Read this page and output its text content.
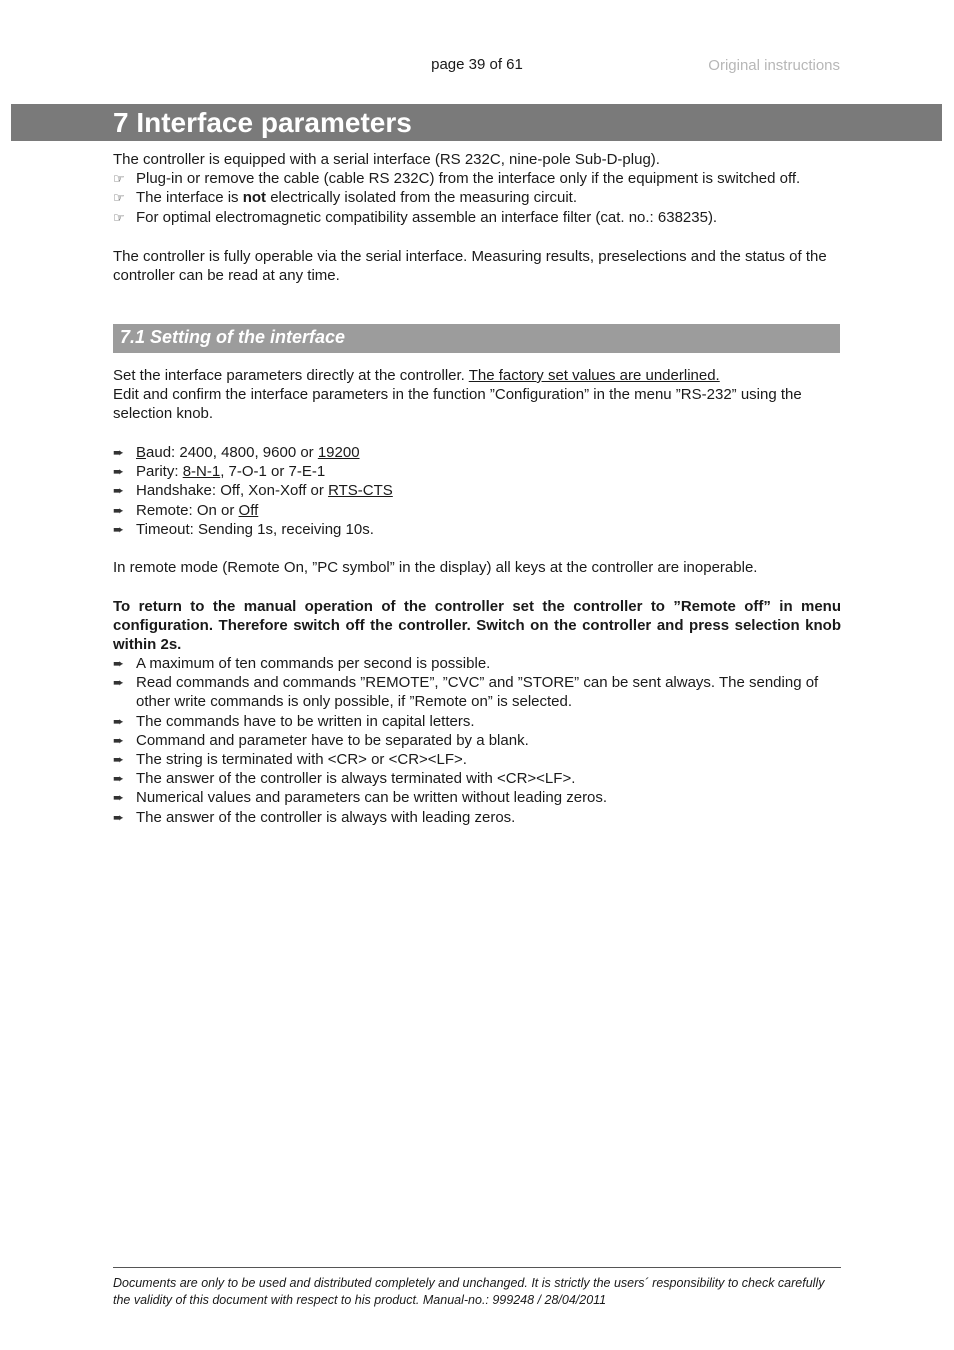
page 39 of 61	Original instructions
7 Interface parameters

The controller is equipped with a serial interface (RS 232C, nine-pole Sub-D-plug).

☞ Plug-in or remove the cable (cable RS 232C) from the interface only if the equipment is switched off.
☞ The interface is not electrically isolated from the measuring circuit.
☞ For optimal electromagnetic compatibility assemble an interface filter (cat. no.: 638235).

The controller is fully operable via the serial interface. Measuring results, preselections and the status of the controller can be read at any time.

7.1 Setting of the interface

Set the interface parameters directly at the controller. The factory set values are underlined.

Edit and confirm the interface parameters in the function ”Configuration” in the menu ”RS-232” using the selection knob.

➨ Baud: 2400, 4800, 9600 or 19200
➨ Parity: 8-N-1, 7-O-1 or 7-E-1
➨ Handshake: Off, Xon-Xoff or RTS-CTS
➨ Remote: On or Off
➨ Timeout: Sending 1s, receiving 10s.

In remote mode (Remote On, ”PC symbol” in the display) all keys at the controller are inoperable.

To return to the manual operation of the controller set the controller to ”Remote off” in menu configuration. Therefore switch off the controller. Switch on the controller and press selection knob within 2s.

➨ A maximum of ten commands per second is possible.
➨ Read commands and commands ”REMOTE”, ”CVC” and ”STORE” can be sent always. The sending of other write commands is only possible, if ”Remote on” is selected.
➨ The commands have to be written in capital letters.
➨ Command and parameter have to be separated by a blank.
➨ The string is terminated with <CR> or <CR><LF>.
➨ The answer of the controller is always terminated with <CR><LF>.
➨ Numerical values and parameters can be written without leading zeros.
➨ The answer of the controller is always with leading zeros.

Documents are only to be used and distributed completely and unchanged. It is strictly the users´ responsibility to check carefully the validity of this document with respect to his product. Manual-no.: 999248 / 28/04/2011
